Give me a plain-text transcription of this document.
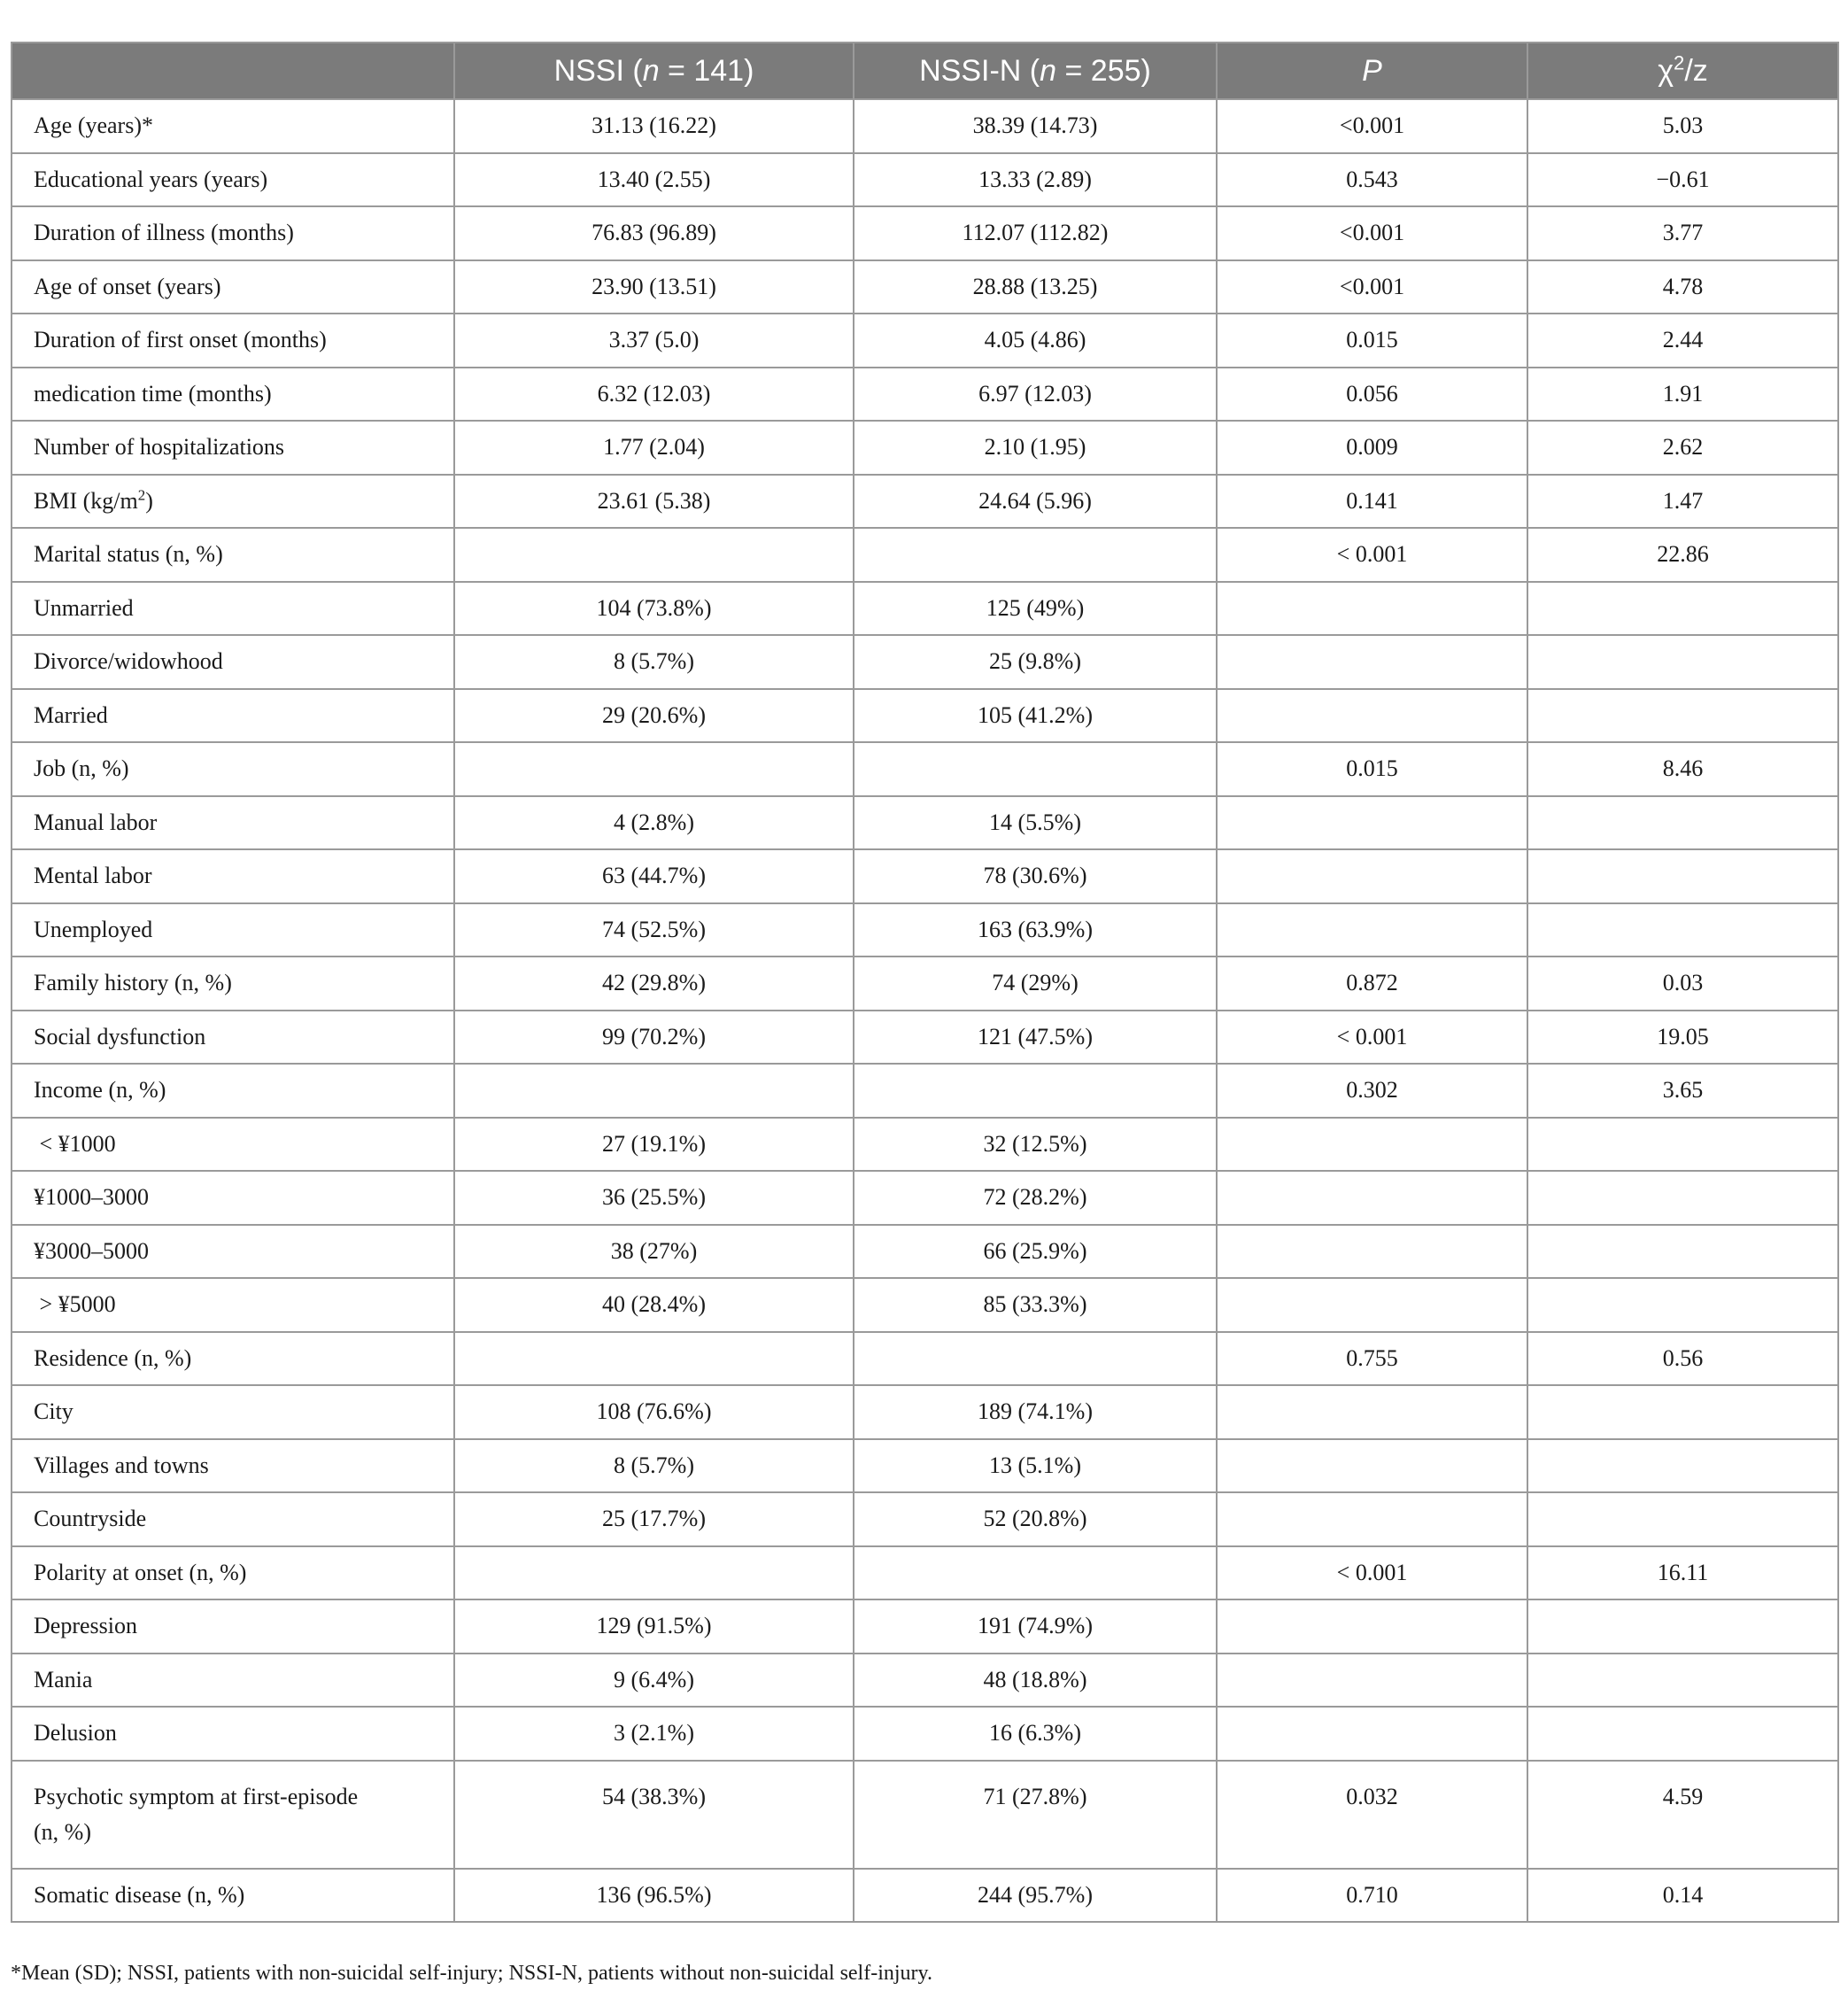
	NSSI (n = 141)	NSSI-N (n = 255)	P	$\chi^2/z$
Age (years)*	31.13 (16.22)	38.39 (14.73)	<0.001	5.03
Educational years (years)	13.40 (2.55)	13.33 (2.89)	0.543	−0.61
Duration of illness (months)	76.83 (96.89)	112.07 (112.82)	<0.001	3.77
Age of onset (years)	23.90 (13.51)	28.88 (13.25)	<0.001	4.78
Duration of first onset (months)	3.37 (5.0)	4.05 (4.86)	0.015	2.44
medication time (months)	6.32 (12.03)	6.97 (12.03)	0.056	1.91
Number of hospitalizations	1.77 (2.04)	2.10 (1.95)	0.009	2.62
BMI $(kg/m^2)$	23.61 (5.38)	24.64 (5.96)	0.141	1.47
Marital status (n, %)			< 0.001	22.86
Unmarried	104 (73.8%)	125 (49%)		
Divorce/widowhood	8 (5.7%)	25 (9.8%)		
Married	29 (20.6%)	105 (41.2%)		
Job (n, %)			0.015	8.46
Manual labor	4 (2.8%)	14 (5.5%)		
Mental labor	63 (44.7%)	78 (30.6%)		
Unemployed	74 (52.5%)	163 (63.9%)		
Family history (n, %)	42 (29.8%)	74 (29%)	0.872	0.03
Social dysfunction	99 (70.2%)	121 (47.5%)	< 0.001	19.05
Income (n, %)			0.302	3.65
< ¥1000	27 (19.1%)	32 (12.5%)		
¥1000–3000	36 (25.5%)	72 (28.2%)		
¥3000–5000	38 (27%)	66 (25.9%)		
> ¥5000	40 (28.4%)	85 (33.3%)		
Residence (n, %)			0.755	0.56
City	108 (76.6%)	189 (74.1%)		
Villages and towns	8 (5.7%)	13 (5.1%)		
Countryside	25 (17.7%)	52 (20.8%)		
Polarity at onset (n, %)			< 0.001	16.11
Depression	129 (91.5%)	191 (74.9%)		
Mania	9 (6.4%)	48 (18.8%)		
Delusion	3 (2.1%)	16 (6.3%)		
Psychotic symptom at first-episode
(n, %)	54 (38.3%)	71 (27.8%)	0.032	4.59
Somatic disease (n, %)	136 (96.5%)	244 (95.7%)	0.710	0.14
*Mean (SD); NSSI, patients with non-suicidal self-injury; NSSI-N, patients without non-suicidal self-injury.
